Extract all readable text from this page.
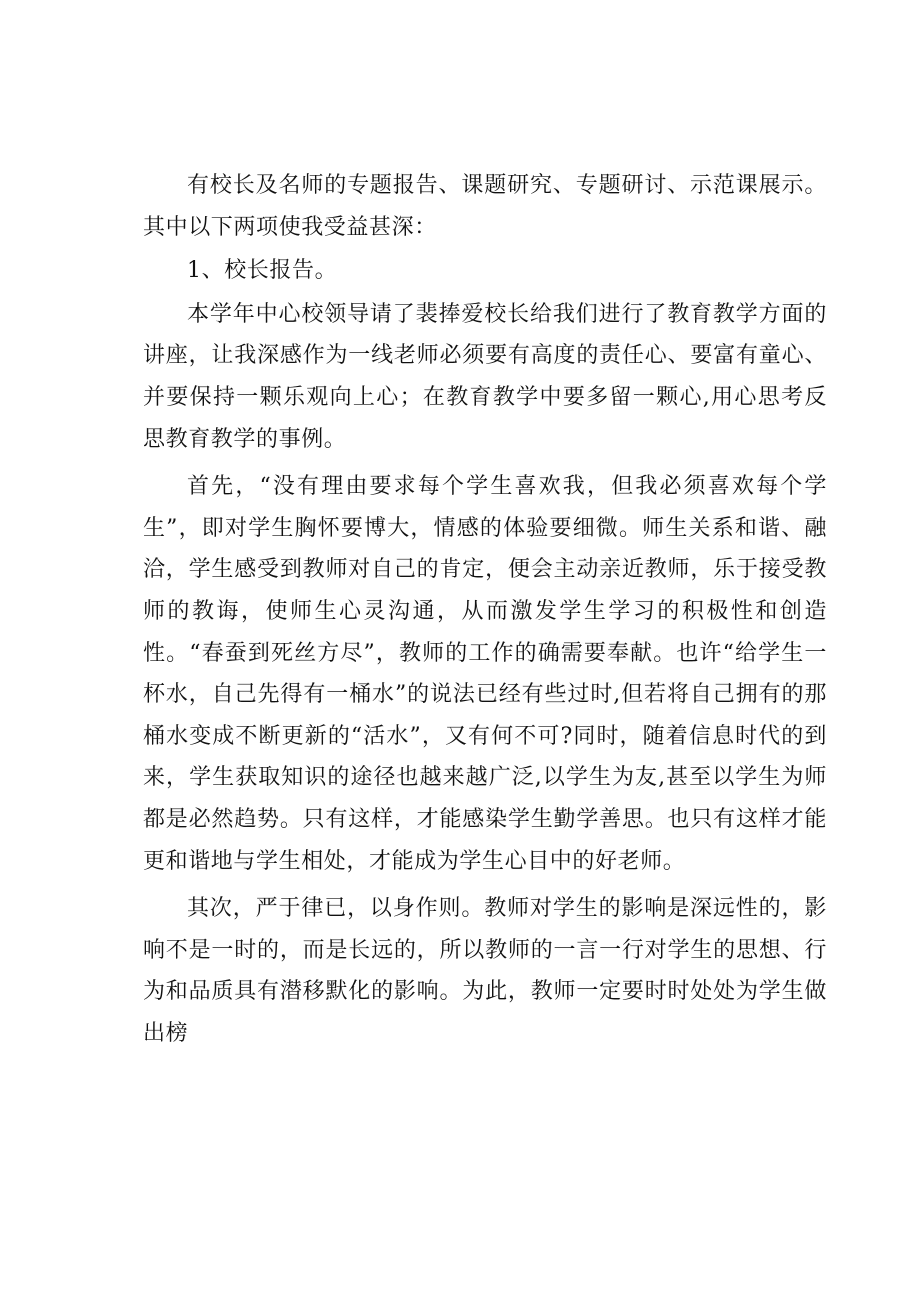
有校长及名师的专题报告、课题研究、专题研讨、示范课展示。其中以下两项使我受益甚深：

1、校长报告。

本学年中心校领导请了裴捧爱校长给我们进行了教育教学方面的讲座，让我深感作为一线老师必须要有高度的责任心、要富有童心、并要保持一颗乐观向上心；在教育教学中要多留一颗心,用心思考反思教育教学的事例。

首先，“没有理由要求每个学生喜欢我，但我必须喜欢每个学生”，即对学生胸怀要博大，情感的体验要细微。师生关系和谐、融洽，学生感受到教师对自己的肯定，便会主动亲近教师，乐于接受教师的教诲，使师生心灵沟通，从而激发学生学习的积极性和创造性。“春蚕到死丝方尽”，教师的工作的确需要奉献。也许“给学生一杯水，自己先得有一桶水”的说法已经有些过时,但若将自己拥有的那桶水变成不断更新的“活水”，又有何不可?同时，随着信息时代的到来，学生获取知识的途径也越来越广泛,以学生为友,甚至以学生为师都是必然趋势。只有这样，才能感染学生勤学善思。也只有这样才能更和谐地与学生相处，才能成为学生心目中的好老师。

其次，严于律已，以身作则。教师对学生的影响是深远性的，影响不是一时的，而是长远的，所以教师的一言一行对学生的思想、行为和品质具有潜移默化的影响。为此，教师一定要时时处处为学生做出榜
